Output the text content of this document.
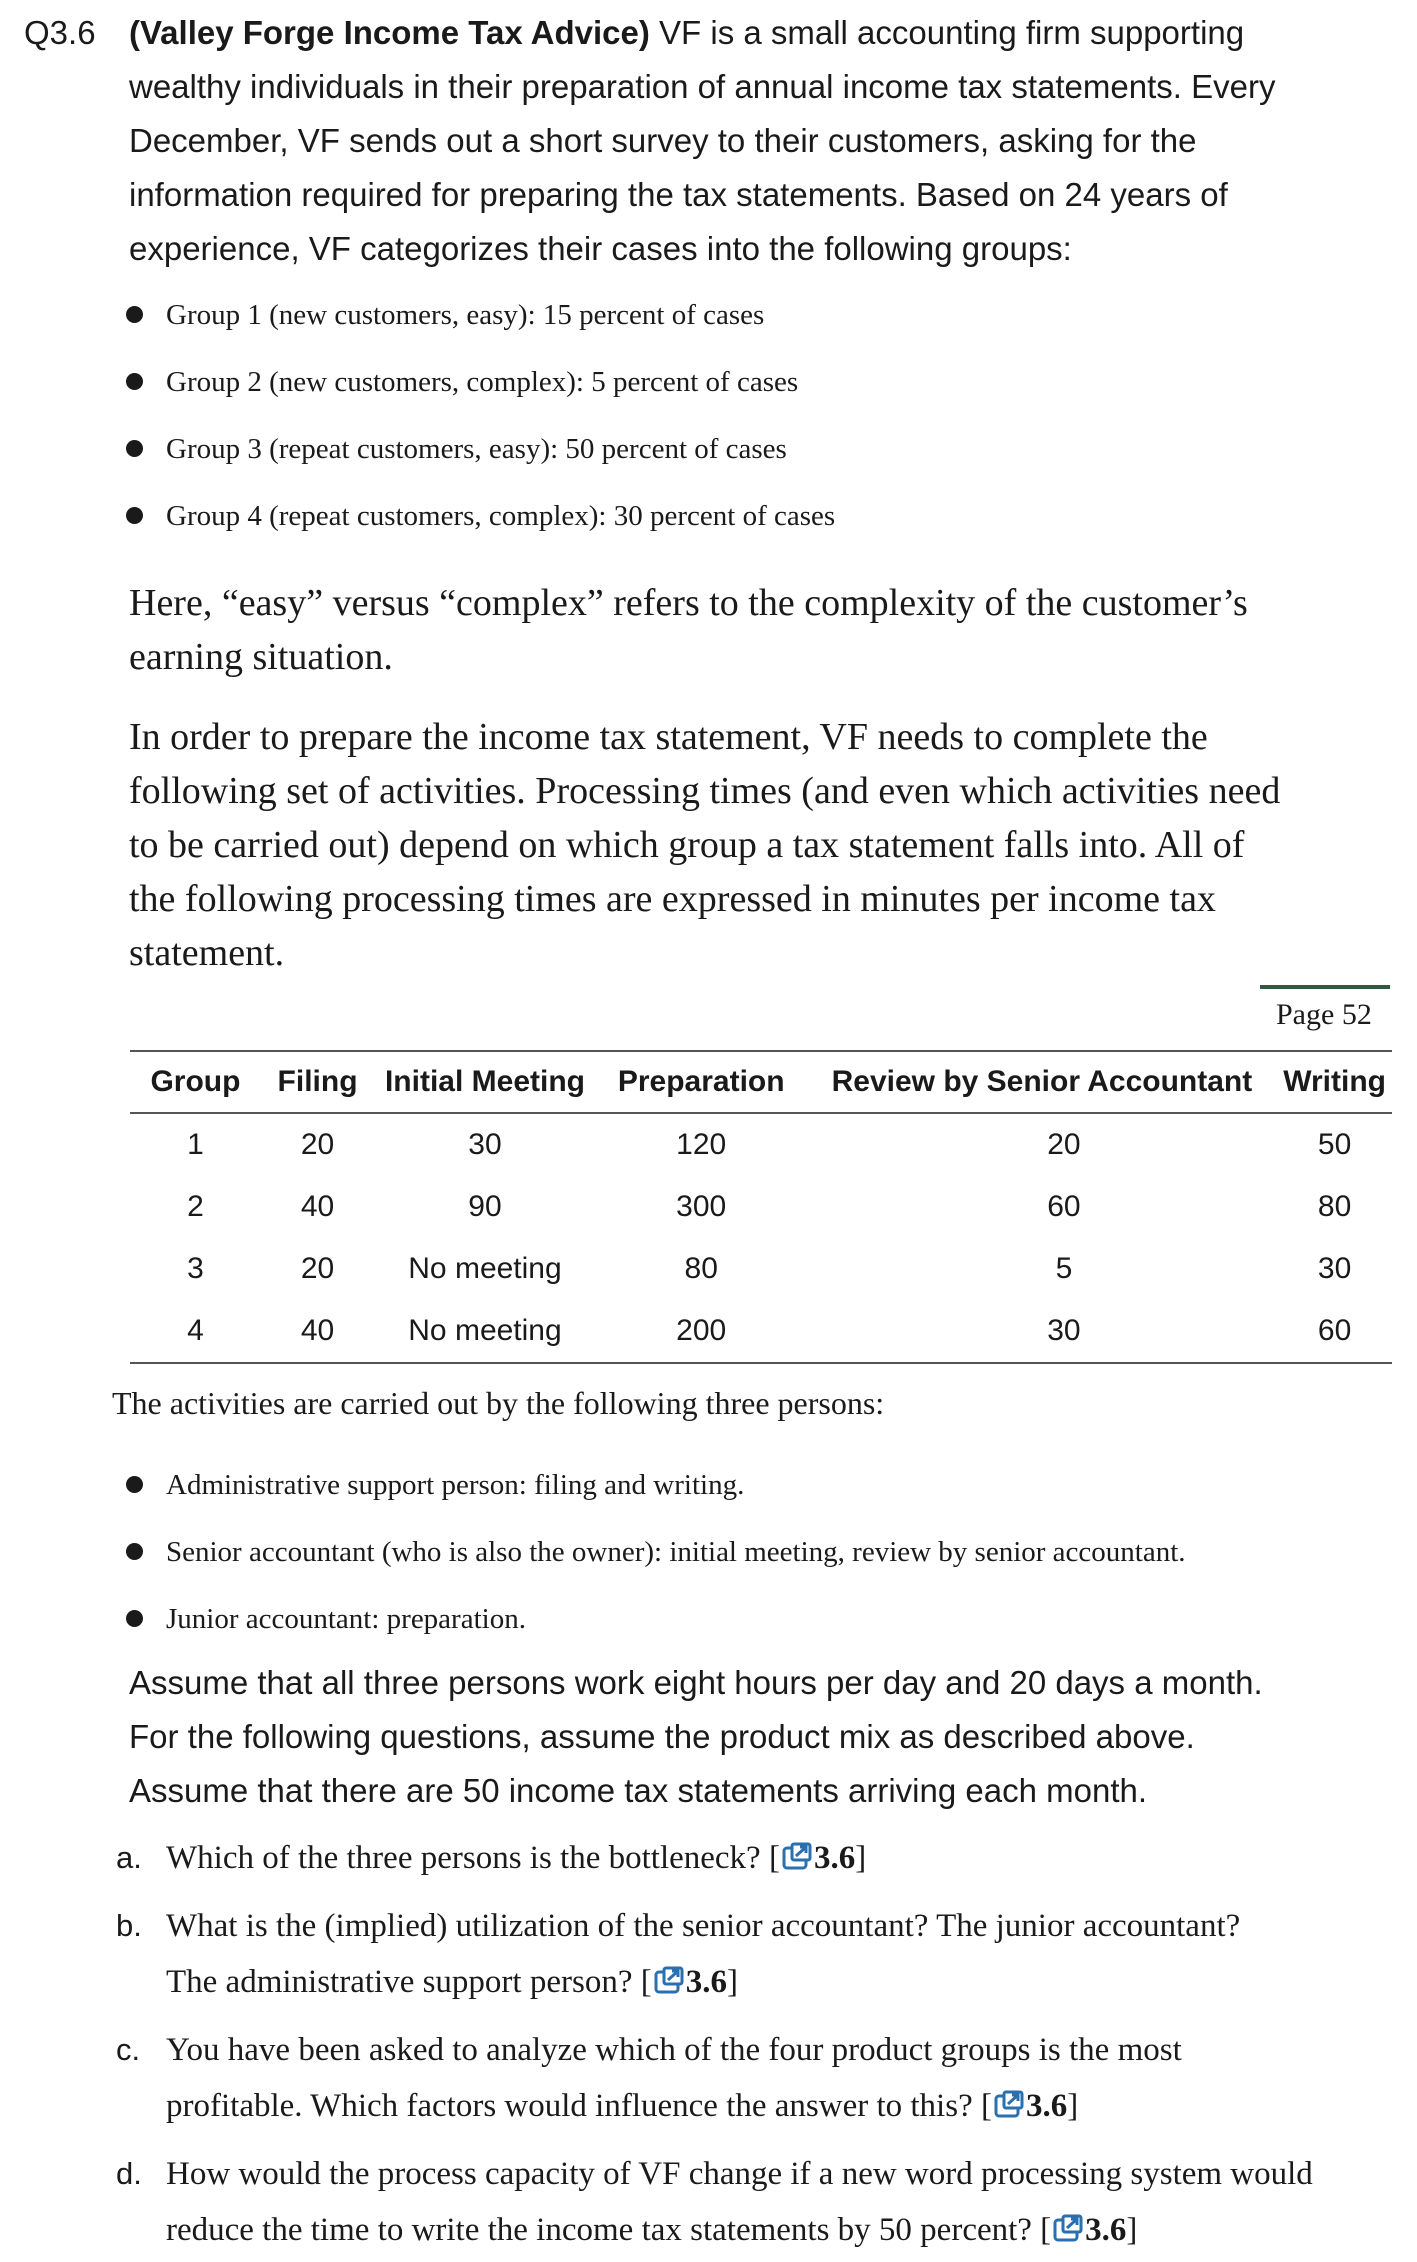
Q3.6 (Valley Forge Income Tax Advice) VF is a small accounting firm supporting
wealthy individuals in their preparation of annual income tax statements. Every
December, VF sends out a short survey to their customers, asking for the
information required for preparing the tax statements. Based on 24 years of
experience, VF categorizes their cases into the following groups:
Group 1 (new customers, easy): 15 percent of cases
Group 2 (new customers, complex): 5 percent of cases
Group 3 (repeat customers, easy): 50 percent of cases
Group 4 (repeat customers, complex): 30 percent of cases
Here, “easy” versus “complex” refers to the complexity of the customer’s
earning situation.
In order to prepare the income tax statement, VF needs to complete the
following set of activities. Processing times (and even which activities need
to be carried out) depend on which group a tax statement falls into. All of
the following processing times are expressed in minutes per income tax
statement.
Page 52
Group	Filing	Initial Meeting	Preparation	Review by Senior Accountant	Writing
1	20	30	120	20	50
2	40	90	300	60	80
3	20	No meeting	80	5	30
4	40	No meeting	200	30	60
The activities are carried out by the following three persons:
Administrative support person: filing and writing.
Senior accountant (who is also the owner): initial meeting, review by senior accountant.
Junior accountant: preparation.
Assume that all three persons work eight hours per day and 20 days a month.
For the following questions, assume the product mix as described above.
Assume that there are 50 income tax statements arriving each month.
a. Which of the three persons is the bottleneck? [ 3.6]
b. What is the (implied) utilization of the senior accountant? The junior accountant?
The administrative support person? [ 3.6]
c. You have been asked to analyze which of the four product groups is the most
profitable. Which factors would influence the answer to this? [ 3.6]
d. How would the process capacity of VF change if a new word processing system would
reduce the time to write the income tax statements by 50 percent? [ 3.6]
